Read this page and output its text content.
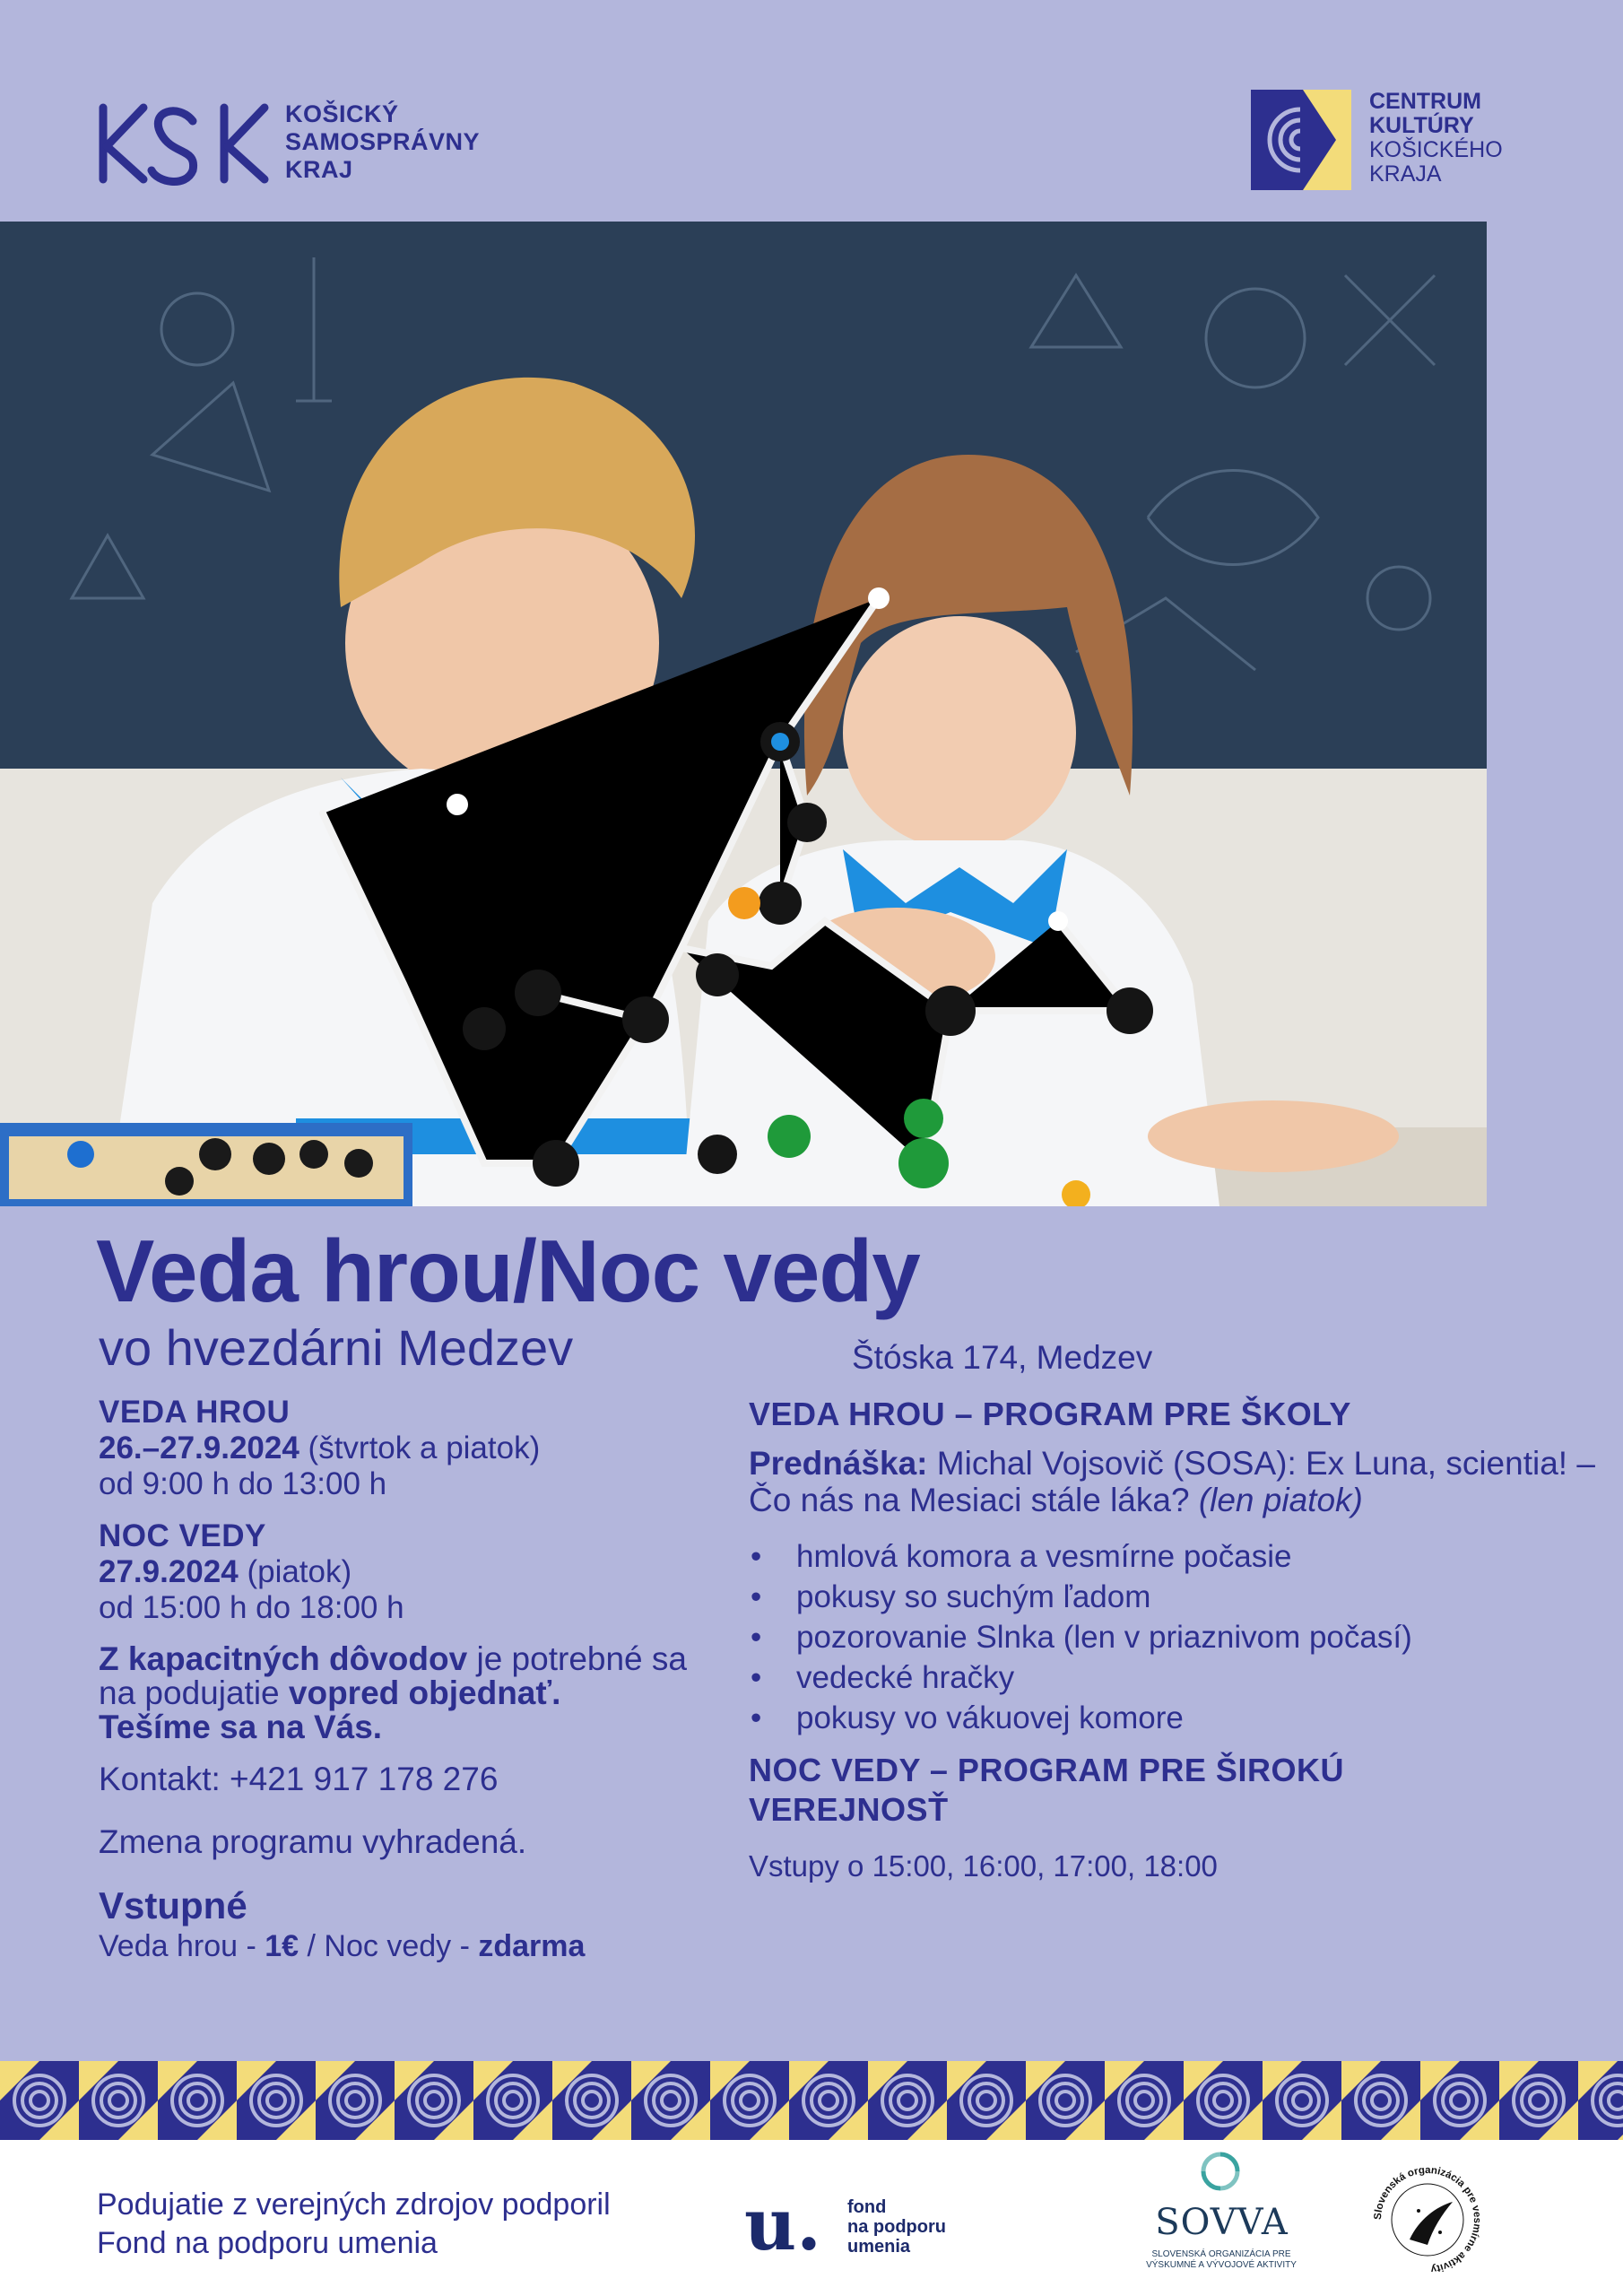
KOŠICKÝ
SAMOSPRÁVNY
KRAJ
CENTRUM
KULTÚRY
KOŠICKÉHO
KRAJA
Veda hrou/Noc vedy
vo hvezdárni Medzev	Štóska 174, Medzev
VEDA HROU
26.–27.9.2024 (štvrtok a piatok)
od 9:00 h do 13:00 h
NOC VEDY
27.9.2024 (piatok)
od 15:00 h do 18:00 h
Z kapacitných dôvodov je potrebné sa na podujatie vopred objednať.
Tešíme sa na Vás.
Kontakt: +421 917 178 276
Zmena programu vyhradená.
Vstupné
Veda hrou - 1€ / Noc vedy - zdarma
VEDA HROU – PROGRAM PRE ŠKOLY
Prednáška: Michal Vojsovič (SOSA): Ex Luna, scientia! – Čo nás na Mesiaci stále láka? (len piatok)
• hmlová komora a vesmírne počasie
• pokusy so suchým ľadom
• pozorovanie Slnka (len v priaznivom počasí)
• vedecké hračky
• pokusy vo vákuovej komore
NOC VEDY – PROGRAM PRE ŠIROKÚ VEREJNOSŤ
Vstupy o 15:00, 16:00, 17:00, 18:00
Podujatie z verejných zdrojov podporil
Fond na podporu umenia	u. fond
na podporu
umenia
SOVVA
SLOVENSKÁ ORGANIZÁCIA PRE
VÝSKUMNÉ A VÝVOJOVÉ AKTIVITY
Slovenská organizácia pre vesmírne aktivity
